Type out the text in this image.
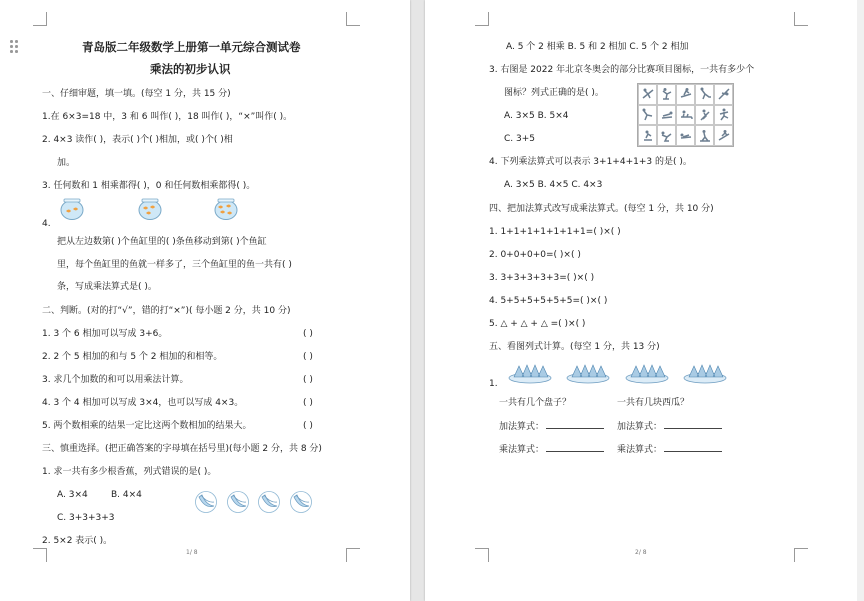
青岛版二年级数学上册第一单元综合测试卷
乘法的初步认识
一、仔细审题，填一填。(每空 1 分，共 15 分)
1.在 6×3=18 中，3 和 6 叫作( )，18 叫作( )，“×”叫作( )。
2. 4×3 读作( )，表示( )个( )相加，或( )个( )相
加。
3. 任何数和 1 相乘都得( )，0 和任何数相乘都得( )。
4.
把从左边数第( )个鱼缸里的( )条鱼移动到第( )个鱼缸
里，每个鱼缸里的鱼就一样多了，三个鱼缸里的鱼一共有( )
条，写成乘法算式是( )。
二、判断。(对的打“√”，错的打“×”)( 每小题 2 分，共 10 分)
1. 3 个 6 相加可以写成 3+6。	( )
2. 2 个 5 相加的和与 5 个 2 相加的和相等。	( )
3. 求几个加数的和可以用乘法计算。	( )
4. 3 个 4 相加可以写成 3×4，也可以写成 4×3。	( )
5. 两个数相乘的结果一定比这两个数相加的结果大。	( )
三、慎重选择。(把正确答案的字母填在括号里)(每小题 2 分，共 8 分)
1. 求一共有多少根香蕉，列式错误的是( )。
A. 3×4	B. 4×4
C. 3+3+3+3
2. 5×2 表示( )。
1/ 8
A. 5 个 2 相乘 B. 5 和 2 相加 C. 5 个 2 相加
3. 右图是 2022 年北京冬奥会的部分比赛项目图标，一共有多少个
图标？列式正确的是( )。
A. 3×5 B. 5×4
C. 3+5
4. 下列乘法算式可以表示 3+1+4+1+3 的是( )。
A. 3×5 B. 4×5 C. 4×3
四、把加法算式改写成乘法算式。(每空 1 分，共 10 分)
1. 1+1+1+1+1+1+1=( )×( )
2. 0+0+0+0=( )×( )
3. 3+3+3+3+3=( )×( )
4. 5+5+5+5+5+5=( )×( )
5. △ + △ + △ =( )×( )
五、看图列式计算。(每空 1 分，共 13 分)
1.
一共有几个盘子？	一共有几块西瓜？
加法算式：	加法算式：
乘法算式：	乘法算式：
2/ 8
